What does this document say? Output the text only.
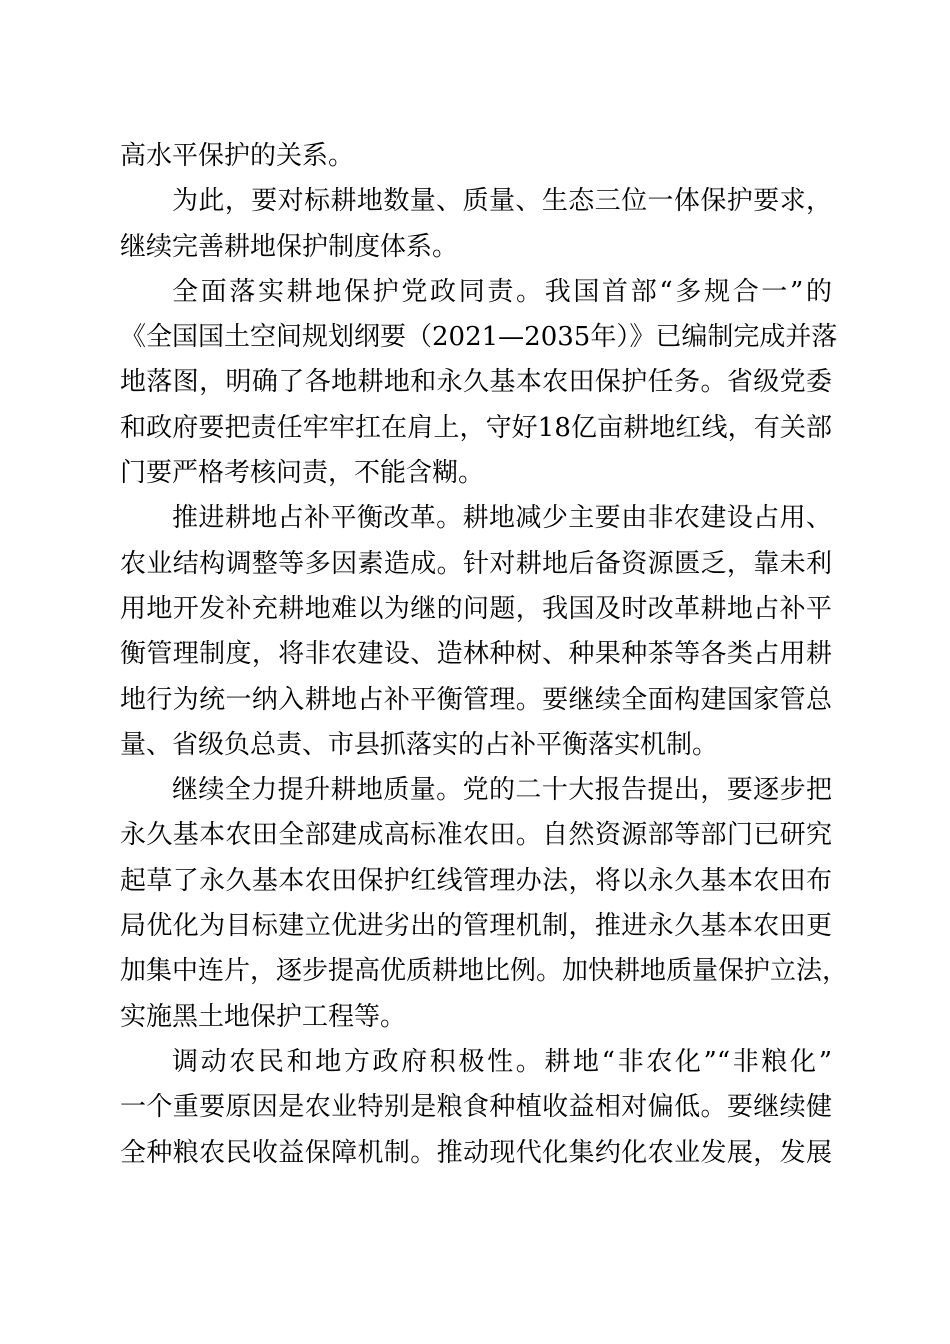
高水平保护的关系。
为此，要对标耕地数量、质量、生态三位一体保护要求，
继续完善耕地保护制度体系。
全面落实耕地保护党政同责。我国首部“多规合一”的
《全国国土空间规划纲要（2021—2035年）》已编制完成并落
地落图，明确了各地耕地和永久基本农田保护任务。省级党委
和政府要把责任牢牢扛在肩上，守好18亿亩耕地红线，有关部
门要严格考核问责，不能含糊。
推进耕地占补平衡改革。耕地减少主要由非农建设占用、
农业结构调整等多因素造成。针对耕地后备资源匮乏，靠未利
用地开发补充耕地难以为继的问题，我国及时改革耕地占补平
衡管理制度，将非农建设、造林种树、种果种茶等各类占用耕
地行为统一纳入耕地占补平衡管理。要继续全面构建国家管总
量、省级负总责、市县抓落实的占补平衡落实机制。
继续全力提升耕地质量。党的二十大报告提出，要逐步把
永久基本农田全部建成高标准农田。自然资源部等部门已研究
起草了永久基本农田保护红线管理办法，将以永久基本农田布
局优化为目标建立优进劣出的管理机制，推进永久基本农田更
加集中连片，逐步提高优质耕地比例。加快耕地质量保护立法，
实施黑土地保护工程等。
调动农民和地方政府积极性。耕地“非农化”“非粮化”
一个重要原因是农业特别是粮食种植收益相对偏低。要继续健
全种粮农民收益保障机制。推动现代化集约化农业发展，发展
